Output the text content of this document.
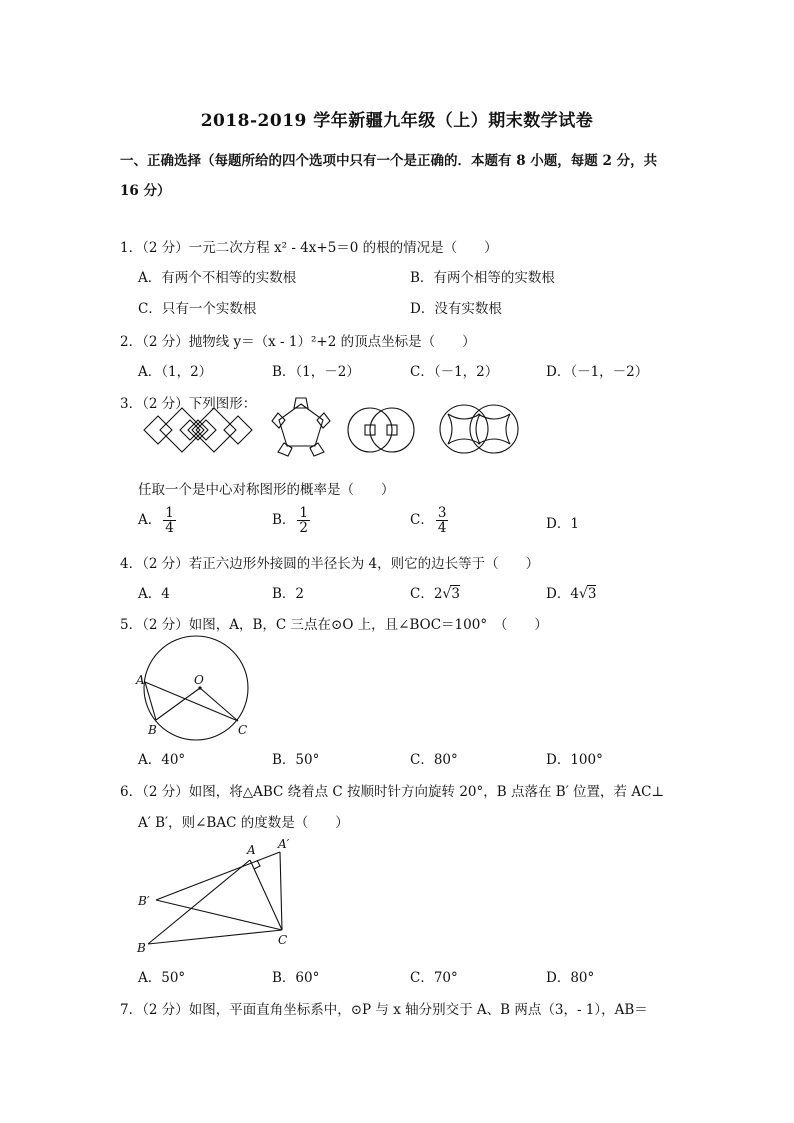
2018-2019 学年新疆九年级（上）期末数学试卷
一、正确选择（每题所给的四个选项中只有一个是正确的．本题有 8 小题，每题 2 分，共 16 分）
1．（2 分）一元二次方程 x² - 4x+5＝0 的根的情况是（　　）
A．有两个不相等的实数根	B．有两个相等的实数根
C．只有一个实数根	D．没有实数根
2．（2 分）抛物线 y＝（x - 1）²+2 的顶点坐标是（　　）
A．（1，2）	B．（1，－2）	C．（－1，2）	D．（－1，－2）
3．（2 分）下列图形：
任取一个是中心对称图形的概率是（　　）
A． $\frac{1}{4}$	B． $\frac{1}{2}$	C． $\frac{3}{4}$	D．1
4．（2 分）若正六边形外接圆的半径长为 4，则它的边长等于（　　）
A．4	B．2	C．2√3	D．4√3
5．（2 分）如图，A，B，C 三点在⊙O 上，且∠BOC＝100°　（　　）
A	O
B	C
A．40°	B．50°	C．80°	D．100°
6．（2 分）如图，将△ABC 绕着点 C 按顺时针方向旋转 20°，B 点落在 B′ 位置，若 AC⊥
A′ B′，则∠BAC 的度数是（　　）
A A′
B′
B
C
A．50°	B．60°	C．70°	D．80°
7．（2 分）如图，平面直角坐标系中，⊙P 与 x 轴分别交于 A、B 两点（3，- 1），AB＝
